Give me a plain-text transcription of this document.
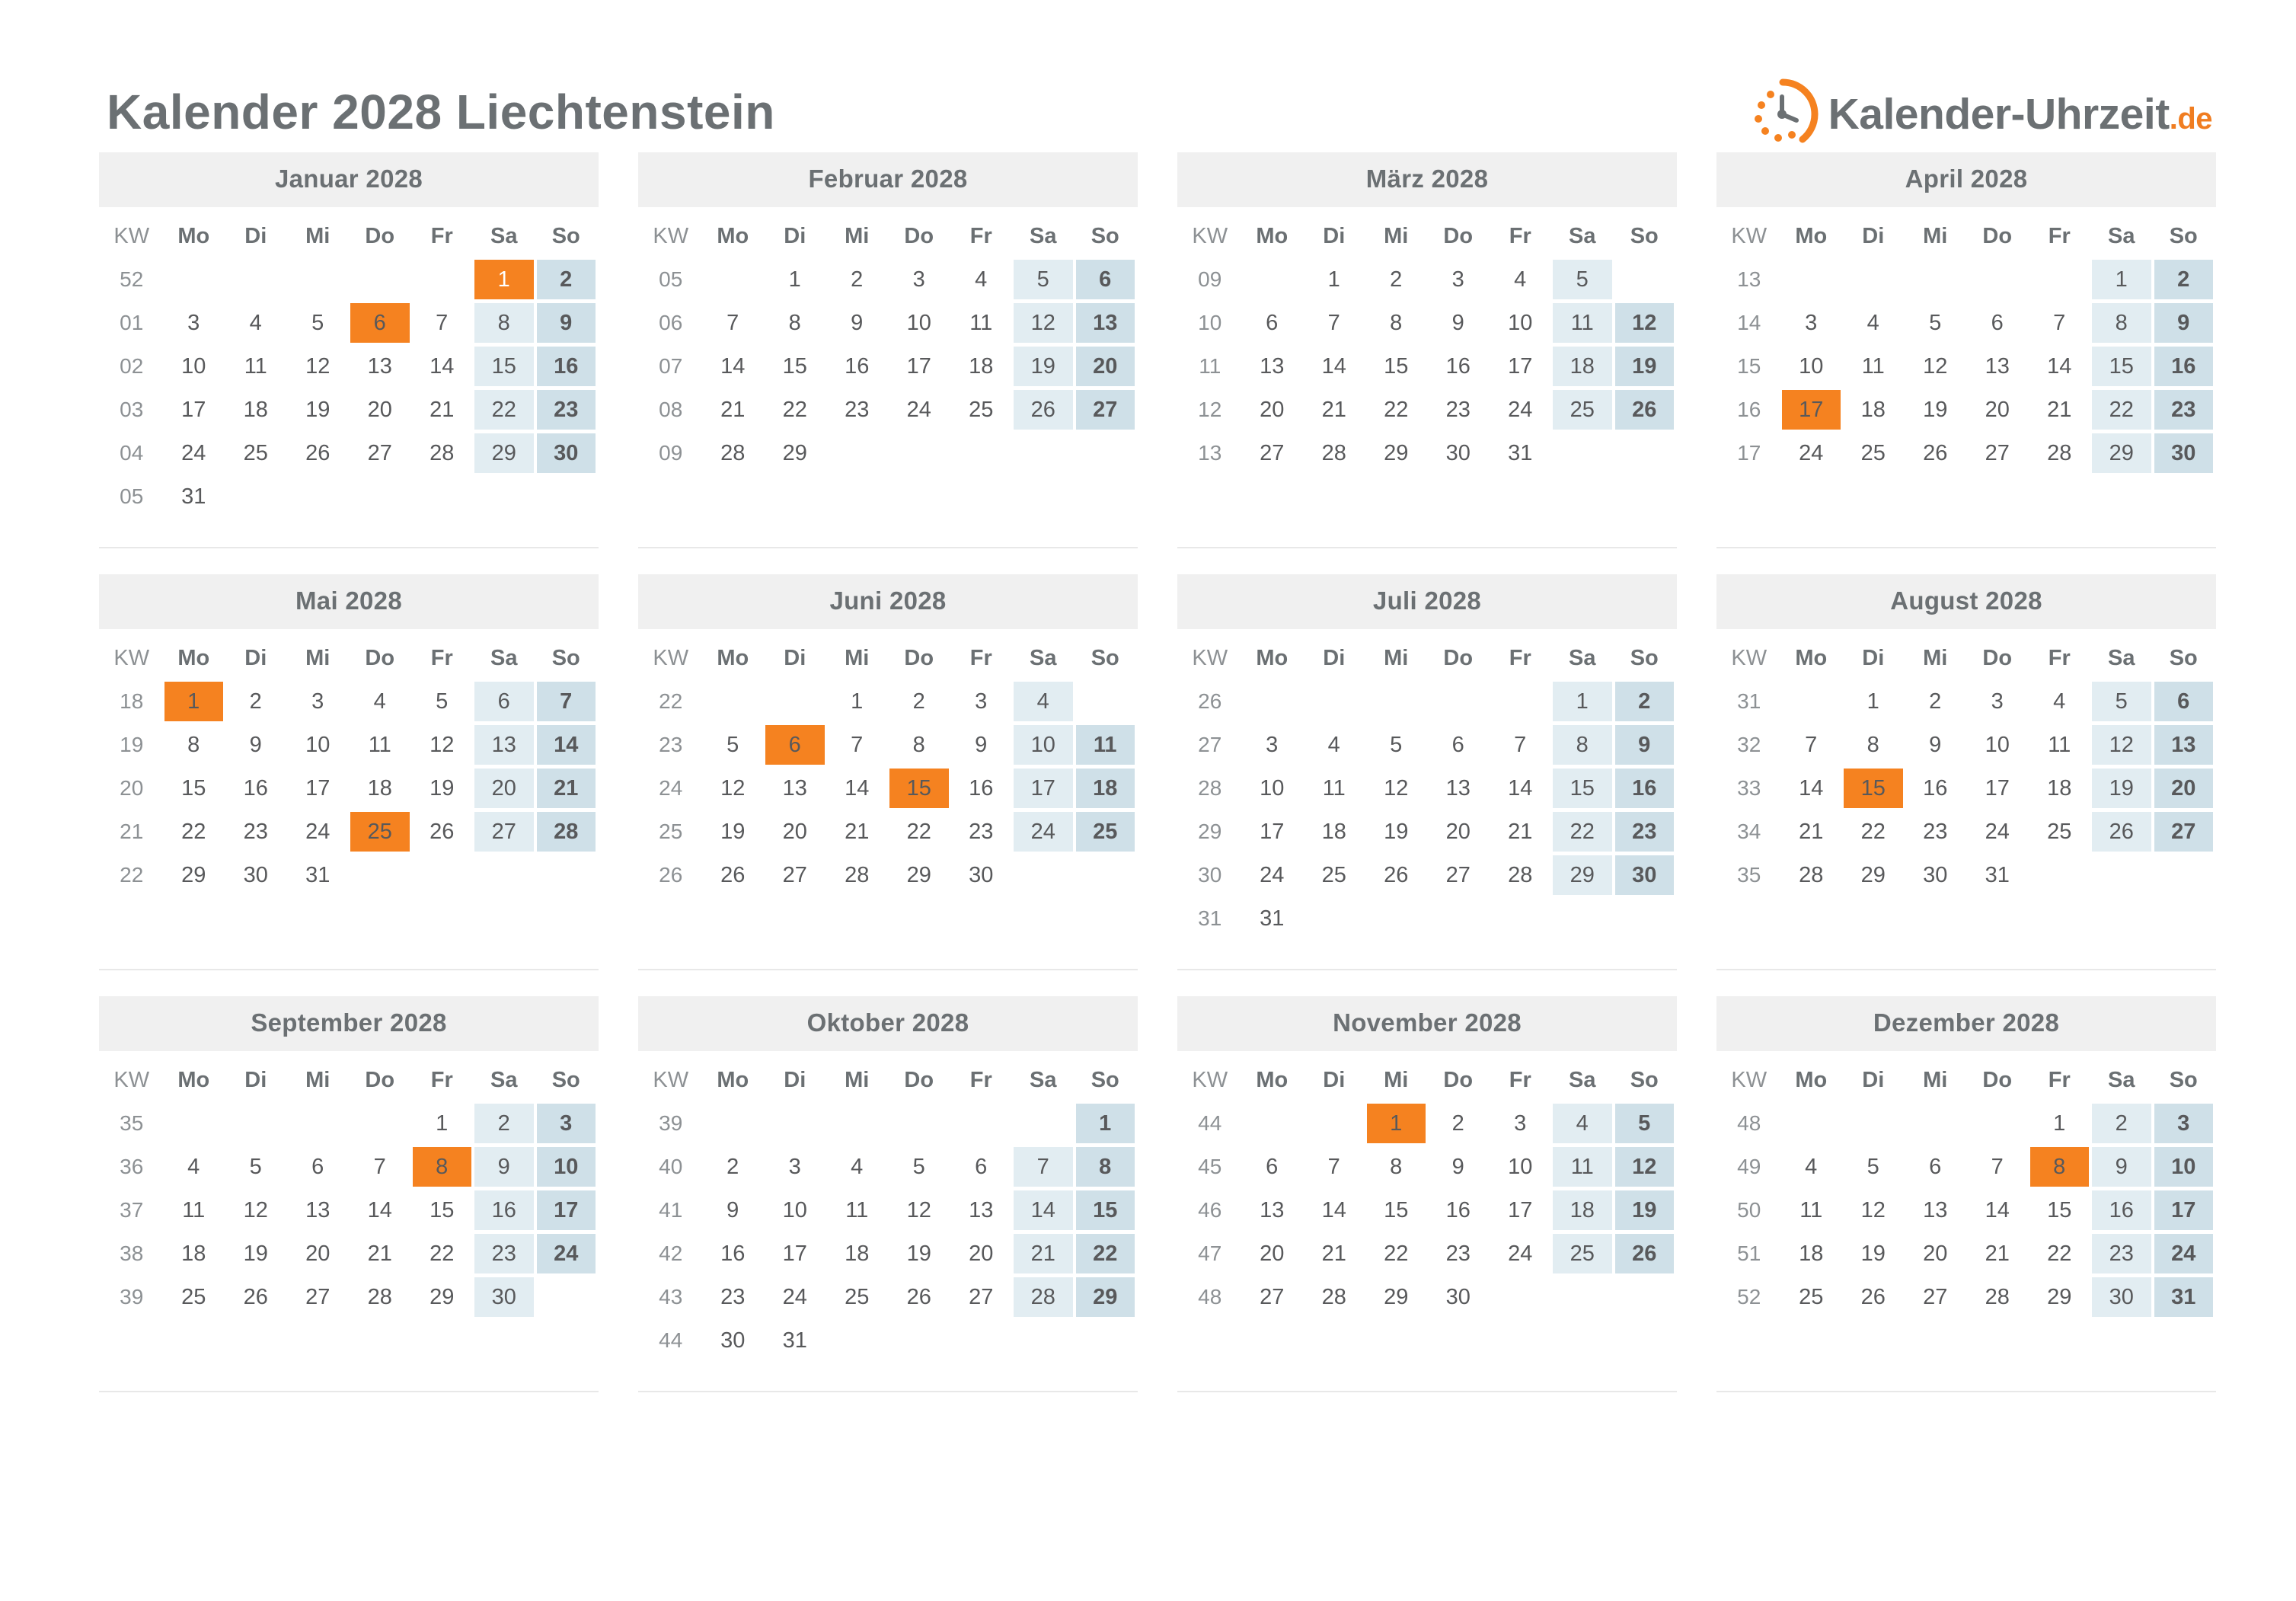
Kalender 2028 Liechtenstein	Kalender-Uhrzeit.de
Januar 2028
KW	Mo	Di	Mi	Do	Fr	Sa	So
52						1	2
01	3	4	5	6	7	8	9
02	10	11	12	13	14	15	16
03	17	18	19	20	21	22	23
04	24	25	26	27	28	29	30
05	31						
Februar 2028
KW	Mo	Di	Mi	Do	Fr	Sa	So
05		1	2	3	4	5	6
06	7	8	9	10	11	12	13
07	14	15	16	17	18	19	20
08	21	22	23	24	25	26	27
09	28	29					
März 2028
KW	Mo	Di	Mi	Do	Fr	Sa	So
09		1	2	3	4	5	
10	6	7	8	9	10	11	12
11	13	14	15	16	17	18	19
12	20	21	22	23	24	25	26
13	27	28	29	30	31		
April 2028
KW	Mo	Di	Mi	Do	Fr	Sa	So
13						1	2
14	3	4	5	6	7	8	9
15	10	11	12	13	14	15	16
16	17	18	19	20	21	22	23
17	24	25	26	27	28	29	30
Mai 2028
KW	Mo	Di	Mi	Do	Fr	Sa	So
18	1	2	3	4	5	6	7
19	8	9	10	11	12	13	14
20	15	16	17	18	19	20	21
21	22	23	24	25	26	27	28
22	29	30	31				
Juni 2028
KW	Mo	Di	Mi	Do	Fr	Sa	So
22			1	2	3	4	
23	5	6	7	8	9	10	11
24	12	13	14	15	16	17	18
25	19	20	21	22	23	24	25
26	26	27	28	29	30		
Juli 2028
KW	Mo	Di	Mi	Do	Fr	Sa	So
26						1	2
27	3	4	5	6	7	8	9
28	10	11	12	13	14	15	16
29	17	18	19	20	21	22	23
30	24	25	26	27	28	29	30
31	31						
August 2028
KW	Mo	Di	Mi	Do	Fr	Sa	So
31		1	2	3	4	5	6
32	7	8	9	10	11	12	13
33	14	15	16	17	18	19	20
34	21	22	23	24	25	26	27
35	28	29	30	31			
September 2028
KW	Mo	Di	Mi	Do	Fr	Sa	So
35					1	2	3
36	4	5	6	7	8	9	10
37	11	12	13	14	15	16	17
38	18	19	20	21	22	23	24
39	25	26	27	28	29	30	
Oktober 2028
KW	Mo	Di	Mi	Do	Fr	Sa	So
39							1
40	2	3	4	5	6	7	8
41	9	10	11	12	13	14	15
42	16	17	18	19	20	21	22
43	23	24	25	26	27	28	29
44	30	31					
November 2028
KW	Mo	Di	Mi	Do	Fr	Sa	So
44			1	2	3	4	5
45	6	7	8	9	10	11	12
46	13	14	15	16	17	18	19
47	20	21	22	23	24	25	26
48	27	28	29	30			
Dezember 2028
KW	Mo	Di	Mi	Do	Fr	Sa	So
48					1	2	3
49	4	5	6	7	8	9	10
50	11	12	13	14	15	16	17
51	18	19	20	21	22	23	24
52	25	26	27	28	29	30	31
